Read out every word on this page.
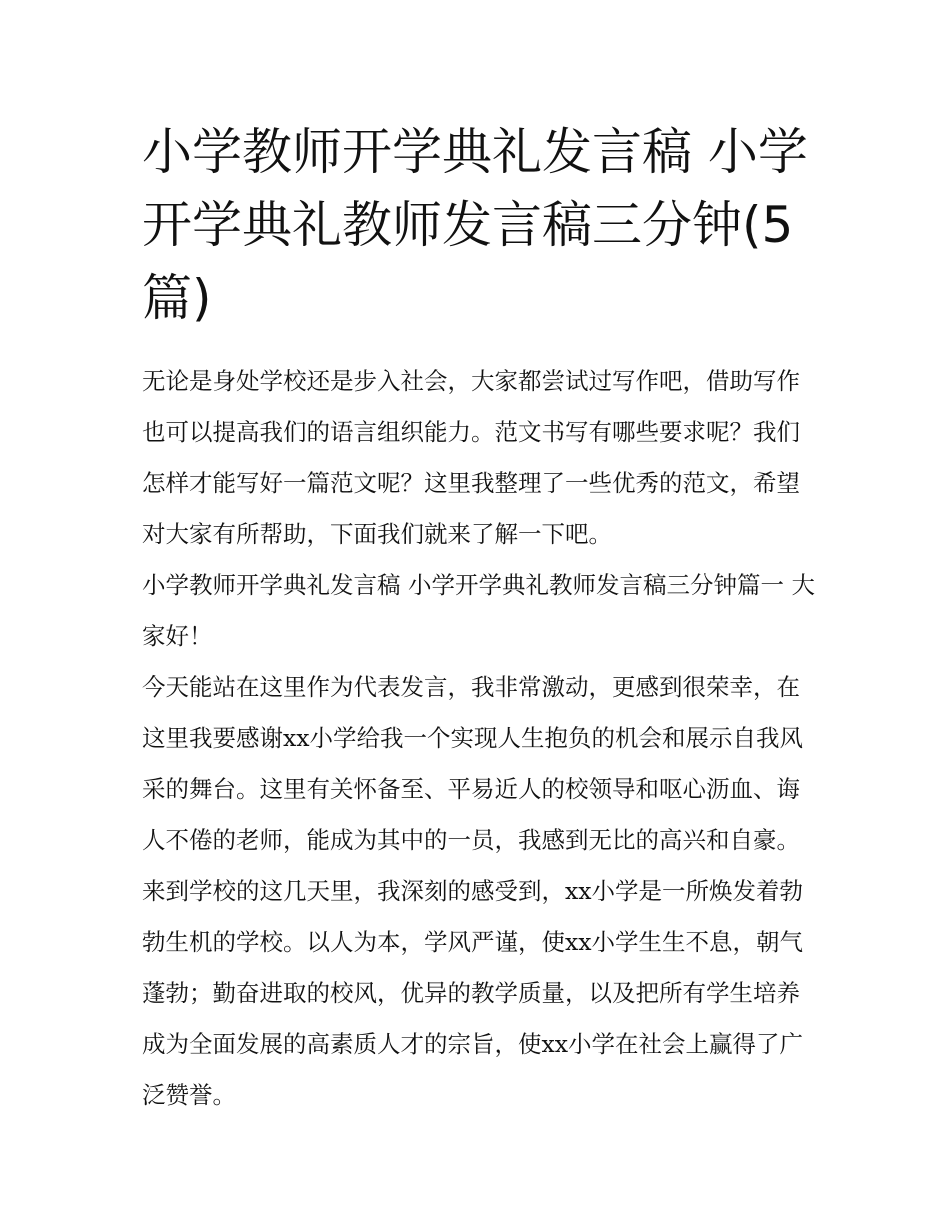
小学教师开学典礼发言稿 小学开学典礼教师发言稿三分钟(5篇)

无论是身处学校还是步入社会，大家都尝试过写作吧，借助写作也可以提高我们的语言组织能力。范文书写有哪些要求呢？我们怎样才能写好一篇范文呢？这里我整理了一些优秀的范文，希望对大家有所帮助，下面我们就来了解一下吧。

小学教师开学典礼发言稿 小学开学典礼教师发言稿三分钟篇一 大家好！

今天能站在这里作为代表发言，我非常激动，更感到很荣幸，在这里我要感谢xx小学给我一个实现人生抱负的机会和展示自我风采的舞台。这里有关怀备至、平易近人的校领导和呕心沥血、诲人不倦的老师，能成为其中的一员，我感到无比的高兴和自豪。来到学校的这几天里，我深刻的感受到，xx小学是一所焕发着勃勃生机的学校。以人为本，学风严谨，使xx小学生生不息，朝气蓬勃；勤奋进取的校风，优异的教学质量，以及把所有学生培养成为全面发展的高素质人才的宗旨，使xx小学在社会上赢得了广泛赞誉。
